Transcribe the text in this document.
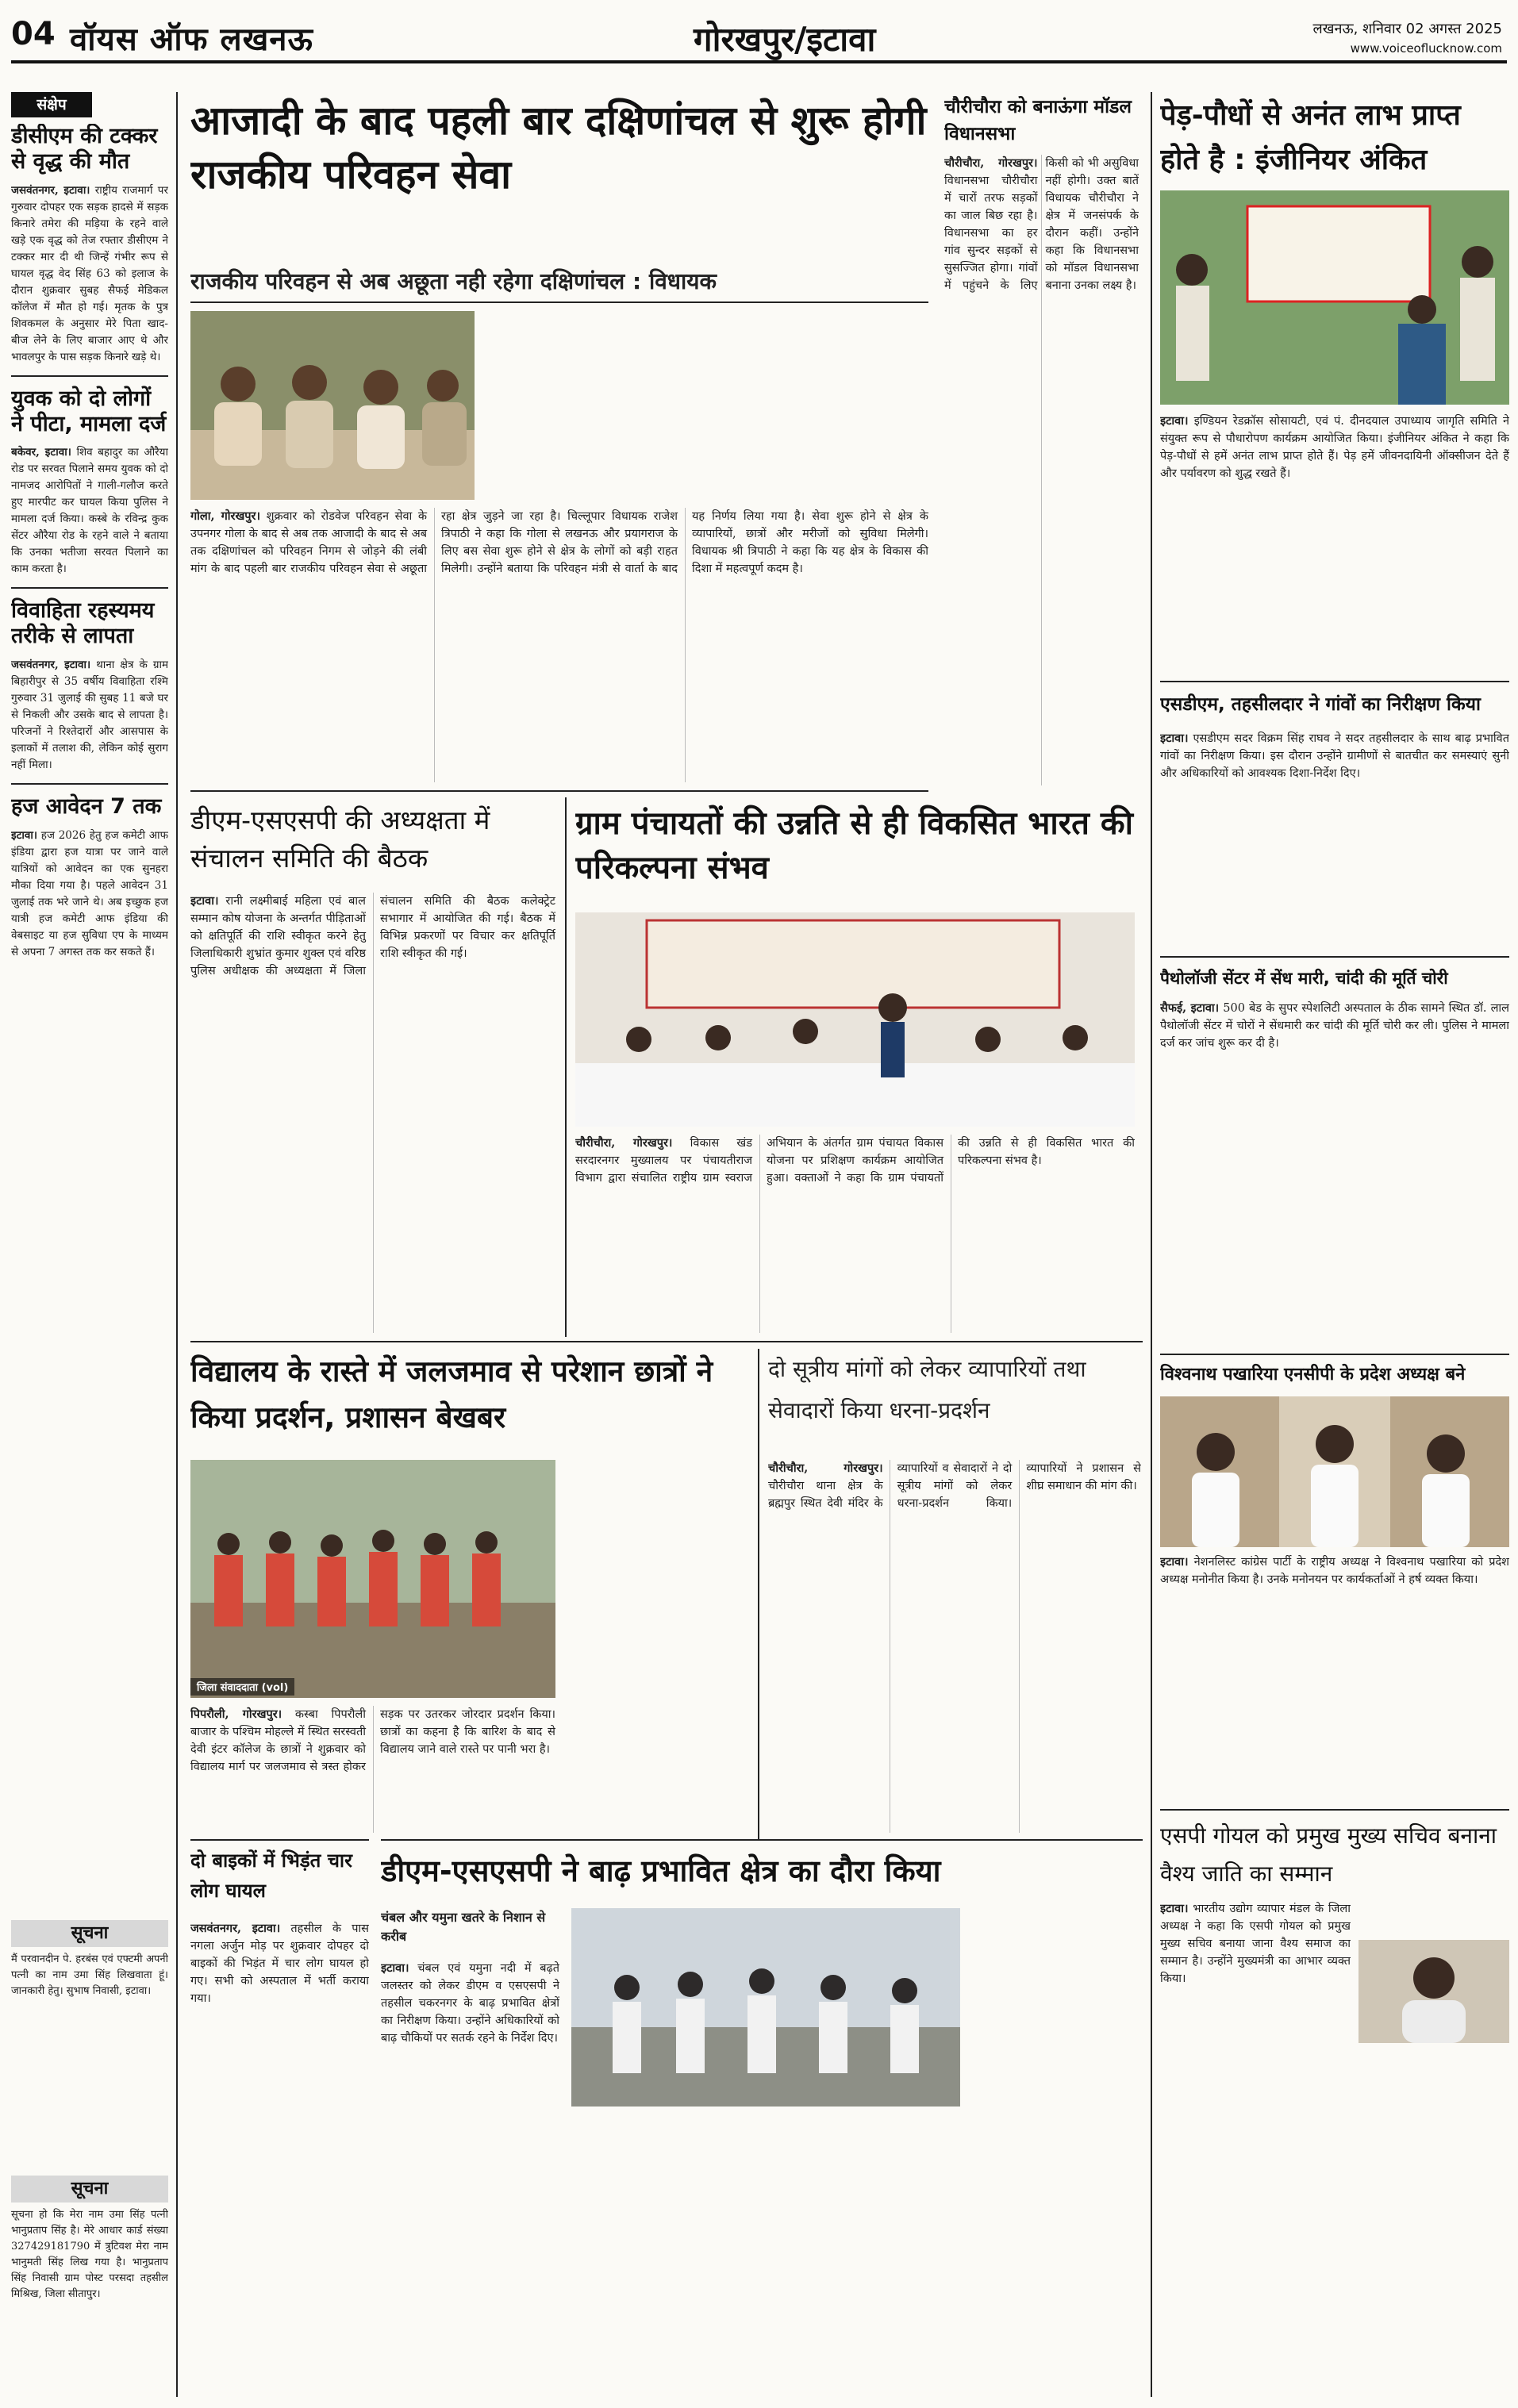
04 वॉयस ऑफ लखनऊ	गोरखपुर/इटावा	लखनऊ, शनिवार 02 अगस्त 2025
www.voiceoflucknow.com
संक्षेप
डीसीएम की टक्कर से वृद्ध की मौत

जसवंतनगर, इटावा। राष्ट्रीय राजमार्ग पर गुरुवार दोपहर एक सड़क हादसे में सड़क किनारे तमेरा की मड़िया के रहने वाले खड़े एक वृद्ध को तेज रफ्तार डीसीएम ने टक्कर मार दी थी जिन्हें गंभीर रूप से घायल वृद्ध वेद सिंह 63 को इलाज के दौरान शुक्रवार सुबह सैफई मेडिकल कॉलेज में मौत हो गई। मृतक के पुत्र शिवकमल के अनुसार मेरे पिता खाद-बीज लेने के लिए बाजार आए थे और भावलपुर के पास सड़क किनारे खड़े थे।

युवक को दो लोगों ने पीटा, मामला दर्ज

बकेवर, इटावा। शिव बहादुर का औरैया रोड पर सरवत पिलाने समय युवक को दो नामजद आरोपितों ने गाली-गलौज करते हुए मारपीट कर घायल किया पुलिस ने मामला दर्ज किया। कस्बे के रविन्द्र कुक सेंटर औरैया रोड के रहने वाले ने बताया कि उनका भतीजा सरवत पिलाने का काम करता है।

विवाहिता रहस्यमय तरीके से लापता

जसवंतनगर, इटावा। थाना क्षेत्र के ग्राम बिहारीपुर से 35 वर्षीय विवाहिता रश्मि गुरुवार 31 जुलाई की सुबह 11 बजे घर से निकली और उसके बाद से लापता है। परिजनों ने रिश्तेदारों और आसपास के इलाकों में तलाश की, लेकिन कोई सुराग नहीं मिला।

हज आवेदन 7 तक

इटावा। हज 2026 हेतु हज कमेटी आफ इंडिया द्वारा हज यात्रा पर जाने वाले यात्रियों को आवेदन का एक सुनहरा मौका दिया गया है। पहले आवेदन 31 जुलाई तक भरे जाने थे। अब इच्छुक हज यात्री हज कमेटी आफ इंडिया की वेबसाइट या हज सुविधा एप के माध्यम से अपना 7 अगस्त तक कर सकते हैं।

सूचना

मैं परवानदीन पे. हरबंस एवं एफ्टमी अपनी पत्नी का नाम उमा सिंह लिखवाता हूं। जानकारी हेतु। सुभाष निवासी, इटावा।

सूचना

सूचना हो कि मेरा नाम उमा सिंह पत्नी भानुप्रताप सिंह है। मेरे आधार कार्ड संख्या 327429181790 में त्रुटिवश मेरा नाम भानुमती सिंह लिख गया है। भानुप्रताप सिंह निवासी ग्राम पोस्ट परसदा तहसील मिश्रिख, जिला सीतापुर।

आजादी के बाद पहली बार दक्षिणांचल से शुरू होगी राजकीय परिवहन सेवा
राजकीय परिवहन से अब अछूता नही रहेगा दक्षिणांचल : विधायक
गोला, गोरखपुर। शुक्रवार को रोडवेज परिवहन सेवा के उपनगर गोला के बाद से अब तक आजादी के बाद से अब तक दक्षिणांचल को परिवहन निगम से जोड़ने की लंबी मांग के बाद पहली बार राजकीय परिवहन सेवा से अछूता रहा क्षेत्र जुड़ने जा रहा है। चिल्लूपार विधायक राजेश त्रिपाठी ने कहा कि गोला से लखनऊ और प्रयागराज के लिए बस सेवा शुरू होने से क्षेत्र के लोगों को बड़ी राहत मिलेगी। उन्होंने बताया कि परिवहन मंत्री से वार्ता के बाद यह निर्णय लिया गया है। सेवा शुरू होने से क्षेत्र के व्यापारियों, छात्रों और मरीजों को सुविधा मिलेगी। विधायक श्री त्रिपाठी ने कहा कि यह क्षेत्र के विकास की दिशा में महत्वपूर्ण कदम है।
डीएम-एसएसपी की अध्यक्षता में संचालन समिति की बैठक
इटावा। रानी लक्ष्मीबाई महिला एवं बाल सम्मान कोष योजना के अन्तर्गत पीड़िताओं को क्षतिपूर्ति की राशि स्वीकृत करने हेतु जिलाधिकारी शुभ्रांत कुमार शुक्ल एवं वरिष्ठ पुलिस अधीक्षक की अध्यक्षता में जिला संचालन समिति की बैठक कलेक्ट्रेट सभागार में आयोजित की गई। बैठक में विभिन्न प्रकरणों पर विचार कर क्षतिपूर्ति राशि स्वीकृत की गई।
ग्राम पंचायतों की उन्नति से ही विकसित भारत की परिकल्पना संभव
चौरीचौरा, गोरखपुर। विकास खंड सरदारनगर मुख्यालय पर पंचायतीराज विभाग द्वारा संचालित राष्ट्रीय ग्राम स्वराज अभियान के अंतर्गत ग्राम पंचायत विकास योजना पर प्रशिक्षण कार्यक्रम आयोजित हुआ। वक्ताओं ने कहा कि ग्राम पंचायतों की उन्नति से ही विकसित भारत की परिकल्पना संभव है।
विद्यालय के रास्ते में जलजमाव से परेशान छात्रों ने किया प्रदर्शन, प्रशासन बेखबर
जिला संवाददाता (vol)
पिपरौली, गोरखपुर। कस्बा पिपरौली बाजार के पश्चिम मोहल्ले में स्थित सरस्वती देवी इंटर कॉलेज के छात्रों ने शुक्रवार को विद्यालय मार्ग पर जलजमाव से त्रस्त होकर सड़क पर उतरकर जोरदार प्रदर्शन किया। छात्रों का कहना है कि बारिश के बाद से विद्यालय जाने वाले रास्ते पर पानी भरा है।
दो बाइकों में भिड़ंत चार लोग घायल
जसवंतनगर, इटावा। तहसील के पास नगला अर्जुन मोड़ पर शुक्रवार दोपहर दो बाइकों की भिड़ंत में चार लोग घायल हो गए। सभी को अस्पताल में भर्ती कराया गया।
दो सूत्रीय मांगों को लेकर व्यापारियों तथा सेवादारों किया धरना-प्रदर्शन
चौरीचौरा, गोरखपुर। चौरीचौरा थाना क्षेत्र के ब्रह्मपुर स्थित देवी मंदिर के व्यापारियों व सेवादारों ने दो सूत्रीय मांगों को लेकर धरना-प्रदर्शन किया। व्यापारियों ने प्रशासन से शीघ्र समाधान की मांग की।
डीएम-एसएसपी ने बाढ़ प्रभावित क्षेत्र का दौरा किया
चंबल और यमुना खतरे के निशान से करीब
इटावा। चंबल एवं यमुना नदी में बढ़ते जलस्तर को लेकर डीएम व एसएसपी ने तहसील चकरनगर के बाढ़ प्रभावित क्षेत्रों का निरीक्षण किया। उन्होंने अधिकारियों को बाढ़ चौकियों पर सतर्क रहने के निर्देश दिए।
चौरीचौरा को बनाऊंगा मॉडल विधानसभा
चौरीचौरा, गोरखपुर। विधानसभा चौरीचौरा में चारों तरफ सड़कों का जाल बिछ रहा है। विधानसभा का हर गांव सुन्दर सड़कों से सुसज्जित होगा। गांवों में पहुंचने के लिए किसी को भी असुविधा नहीं होगी। उक्त बातें विधायक चौरीचौरा ने क्षेत्र में जनसंपर्क के दौरान कहीं। उन्होंने कहा कि विधानसभा को मॉडल विधानसभा बनाना उनका लक्ष्य है।
पेड़-पौधों से अनंत लाभ प्राप्त होते है : इंजीनियर अंकित
इटावा। इण्डियन रेडक्रॉस सोसायटी, एवं पं. दीनदयाल उपाध्याय जागृति समिति ने संयुक्त रूप से पौधारोपण कार्यक्रम आयोजित किया। इंजीनियर अंकित ने कहा कि पेड़-पौधों से हमें अनंत लाभ प्राप्त होते हैं। पेड़ हमें जीवनदायिनी ऑक्सीजन देते हैं और पर्यावरण को शुद्ध रखते हैं।
एसडीएम, तहसीलदार ने गांवों का निरीक्षण किया
इटावा। एसडीएम सदर विक्रम सिंह राघव ने सदर तहसीलदार के साथ बाढ़ प्रभावित गांवों का निरीक्षण किया। इस दौरान उन्होंने ग्रामीणों से बातचीत कर समस्याएं सुनी और अधिकारियों को आवश्यक दिशा-निर्देश दिए।
पैथोलॉजी सेंटर में सेंध मारी, चांदी की मूर्ति चोरी
सैफई, इटावा। 500 बेड के सुपर स्पेशलिटी अस्पताल के ठीक सामने स्थित डॉ. लाल पैथोलॉजी सेंटर में चोरों ने सेंधमारी कर चांदी की मूर्ति चोरी कर ली। पुलिस ने मामला दर्ज कर जांच शुरू कर दी है।
विश्वनाथ पखारिया एनसीपी के प्रदेश अध्यक्ष बने
इटावा। नेशनलिस्ट कांग्रेस पार्टी के राष्ट्रीय अध्यक्ष ने विश्वनाथ पखारिया को प्रदेश अध्यक्ष मनोनीत किया है। उनके मनोनयन पर कार्यकर्ताओं ने हर्ष व्यक्त किया।
एसपी गोयल को प्रमुख मुख्य सचिव बनाना वैश्य जाति का सम्मान
इटावा। भारतीय उद्योग व्यापार मंडल के जिला अध्यक्ष ने कहा कि एसपी गोयल को प्रमुख मुख्य सचिव बनाया जाना वैश्य समाज का सम्मान है। उन्होंने मुख्यमंत्री का आभार व्यक्त किया।
